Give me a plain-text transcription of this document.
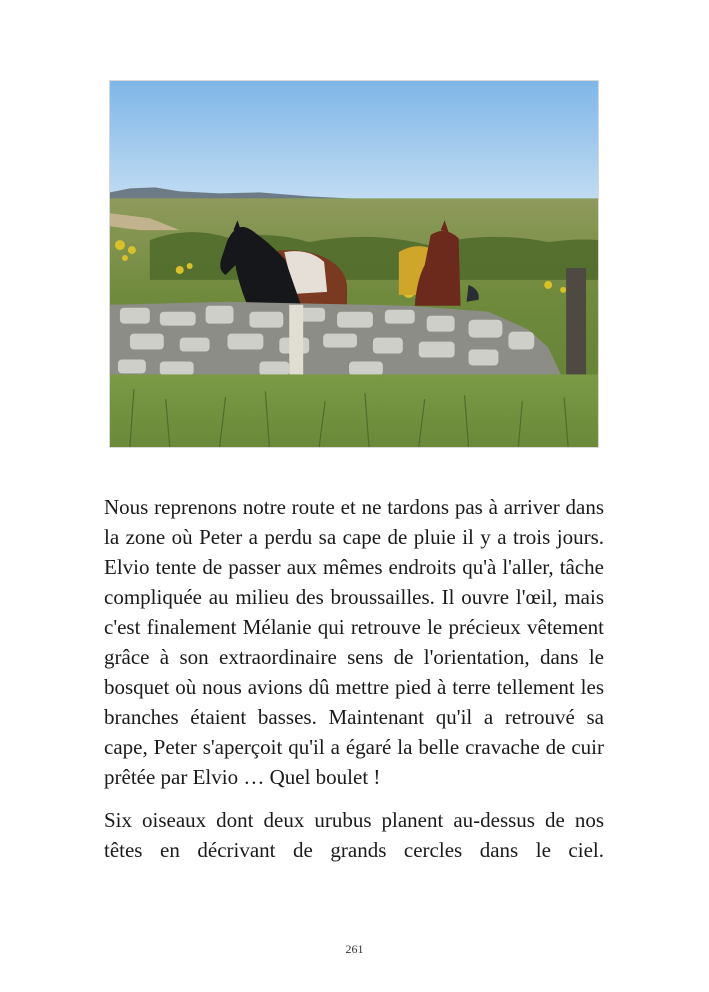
Nous reprenons notre route et ne tardons pas à arriver dans la zone où Peter a perdu sa cape de pluie il y a trois jours. Elvio tente de passer aux mêmes endroits qu'à l'aller, tâche compliquée au milieu des broussailles. Il ouvre l'œil, mais c'est finalement Mélanie qui retrouve le précieux vêtement grâce à son extraordinaire sens de l'orientation, dans le bosquet où nous avions dû mettre pied à terre tellement les branches étaient basses. Maintenant qu'il a retrouvé sa cape, Peter s'aperçoit qu'il a égaré la belle cravache de cuir prêtée par Elvio … Quel boulet !

Six oiseaux dont deux urubus planent au-dessus de nos têtes en décrivant de grands cercles dans le ciel.

261
